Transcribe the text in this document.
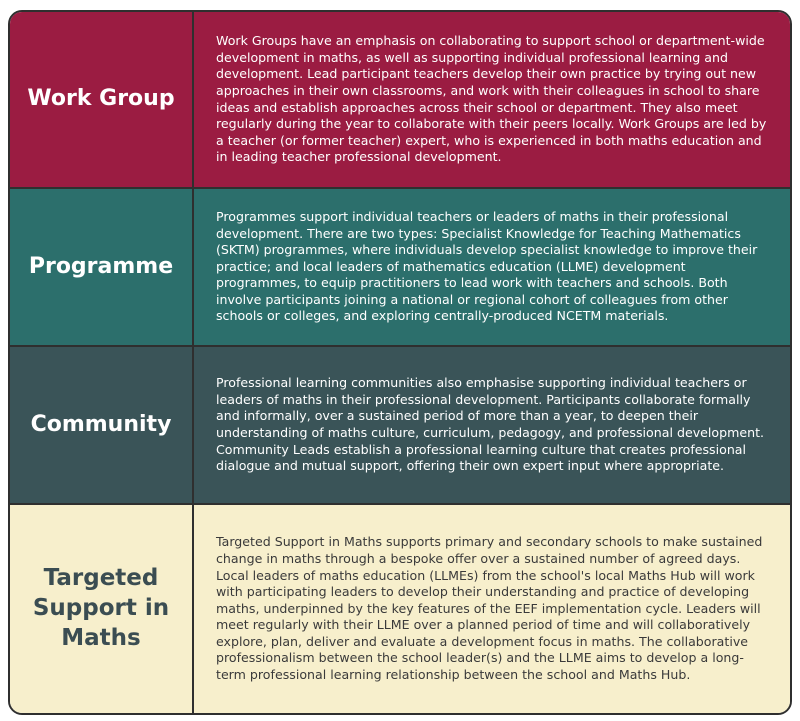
Work Group

Work Groups have an emphasis on collaborating to support school or department-wide development in maths, as well as supporting individual professional learning and development. Lead participant teachers develop their own practice by trying out new approaches in their own classrooms, and work with their colleagues in school to share ideas and establish approaches across their school or department. They also meet regularly during the year to collaborate with their peers locally. Work Groups are led by a teacher (or former teacher) expert, who is experienced in both maths education and in leading teacher professional development.

Programme

Programmes support individual teachers or leaders of maths in their professional development. There are two types: Specialist Knowledge for Teaching Mathematics (SKTM) programmes, where individuals develop specialist knowledge to improve their practice; and local leaders of mathematics education (LLME) development programmes, to equip practitioners to lead work with teachers and schools. Both involve participants joining a national or regional cohort of colleagues from other schools or colleges, and exploring centrally-produced NCETM materials.

Community

Professional learning communities also emphasise supporting individual teachers or leaders of maths in their professional development. Participants collaborate formally and informally, over a sustained period of more than a year, to deepen their understanding of maths culture, curriculum, pedagogy, and professional development. Community Leads establish a professional learning culture that creates professional dialogue and mutual support, offering their own expert input where appropriate.

Targeted Support in Maths

Targeted Support in Maths supports primary and secondary schools to make sustained change in maths through a bespoke offer over a sustained number of agreed days. Local leaders of maths education (LLMEs) from the school's local Maths Hub will work with participating leaders to develop their understanding and practice of developing maths, underpinned by the key features of the EEF implementation cycle. Leaders will meet regularly with their LLME over a planned period of time and will collaboratively explore, plan, deliver and evaluate a development focus in maths. The collaborative professionalism between the school leader(s) and the LLME aims to develop a long-term professional learning relationship between the school and Maths Hub.
